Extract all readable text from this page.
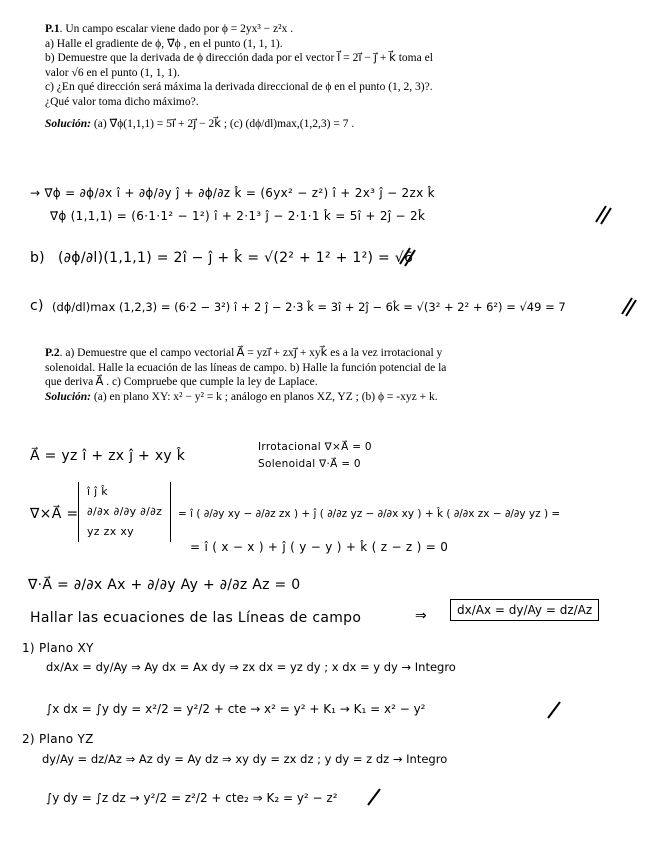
P.1. Un campo escalar viene dado por ϕ = 2yx³ − z²x .
a) Halle el gradiente de ϕ, ∇⃗ϕ , en el punto (1, 1, 1).
b) Demuestre que la derivada de ϕ dirección dada por el vector l⃗ = 2i⃗ − j⃗ + k⃗ toma el
valor √6 en el punto (1, 1, 1).
c) ¿En qué dirección será máxima la derivada direccional de ϕ en el punto (1, 2, 3)?.
¿Qué valor toma dicho máximo?.
Solución: (a) ∇⃗ϕ(1,1,1) = 5i⃗ + 2j⃗ − 2k⃗ ; (c) (dϕ/dl)max,(1,2,3) = 7 .
→ ∇⃗ϕ = ∂ϕ/∂x î + ∂ϕ/∂y ĵ + ∂ϕ/∂z k̂ = (6yx² − z²) î + 2x³ ĵ − 2zx k̂
∇⃗ϕ (1,1,1) = (6·1·1² − 1²) î + 2·1³ ĵ − 2·1·1 k̂ = 5î + 2ĵ − 2k̂
b) (∂ϕ/∂l)(1,1,1) = 2î − ĵ + k̂ = √(2² + 1² + 1²) = √6
c) (dϕ/dl)max (1,2,3) = (6·2 − 3²) î + 2 ĵ − 2·3 k̂ = 3î + 2ĵ − 6k̂ = √(3² + 2² + 6²) = √49 = 7
P.2. a) Demuestre que el campo vectorial A⃗ = yzi⃗ + zxj⃗ + xyk⃗ es a la vez irrotacional y
solenoidal. Halle la ecuación de las líneas de campo. b) Halle la función potencial de la
que deriva A⃗ . c) Compruebe que cumple la ley de Laplace.
Solución: (a) en plano XY: x² − y² = k ; análogo en planos XZ, YZ ; (b) ϕ = -xyz + k.
A⃗ = yz î + zx ĵ + xy k̂
Irrotacional ∇×A⃗ = 0
Solenoidal ∇·A⃗ = 0
∇×A⃗ =
î ĵ k̂
∂/∂x ∂/∂y ∂/∂z
yz zx xy
= î ( ∂/∂y xy − ∂/∂z zx ) + ĵ ( ∂/∂z yz − ∂/∂x xy ) + k̂ ( ∂/∂x zx − ∂/∂y yz ) =
= î ( x − x ) + ĵ ( y − y ) + k̂ ( z − z ) = 0
∇·A⃗ = ∂/∂x Ax + ∂/∂y Ay + ∂/∂z Az = 0
Hallar las ecuaciones de las Líneas de campo	⇒	dx/Ax = dy/Ay = dz/Az
1) Plano XY
dx/Ax = dy/Ay ⇒ Ay dx = Ax dy ⇒ zx dx = yz dy ; x dx = y dy → Integro
∫x dx = ∫y dy = x²/2 = y²/2 + cte → x² = y² + K₁ → K₁ = x² − y²
2) Plano YZ
dy/Ay = dz/Az ⇒ Az dy = Ay dz ⇒ xy dy = zx dz ; y dy = z dz → Integro
∫y dy = ∫z dz → y²/2 = z²/2 + cte₂ ⇒ K₂ = y² − z²
